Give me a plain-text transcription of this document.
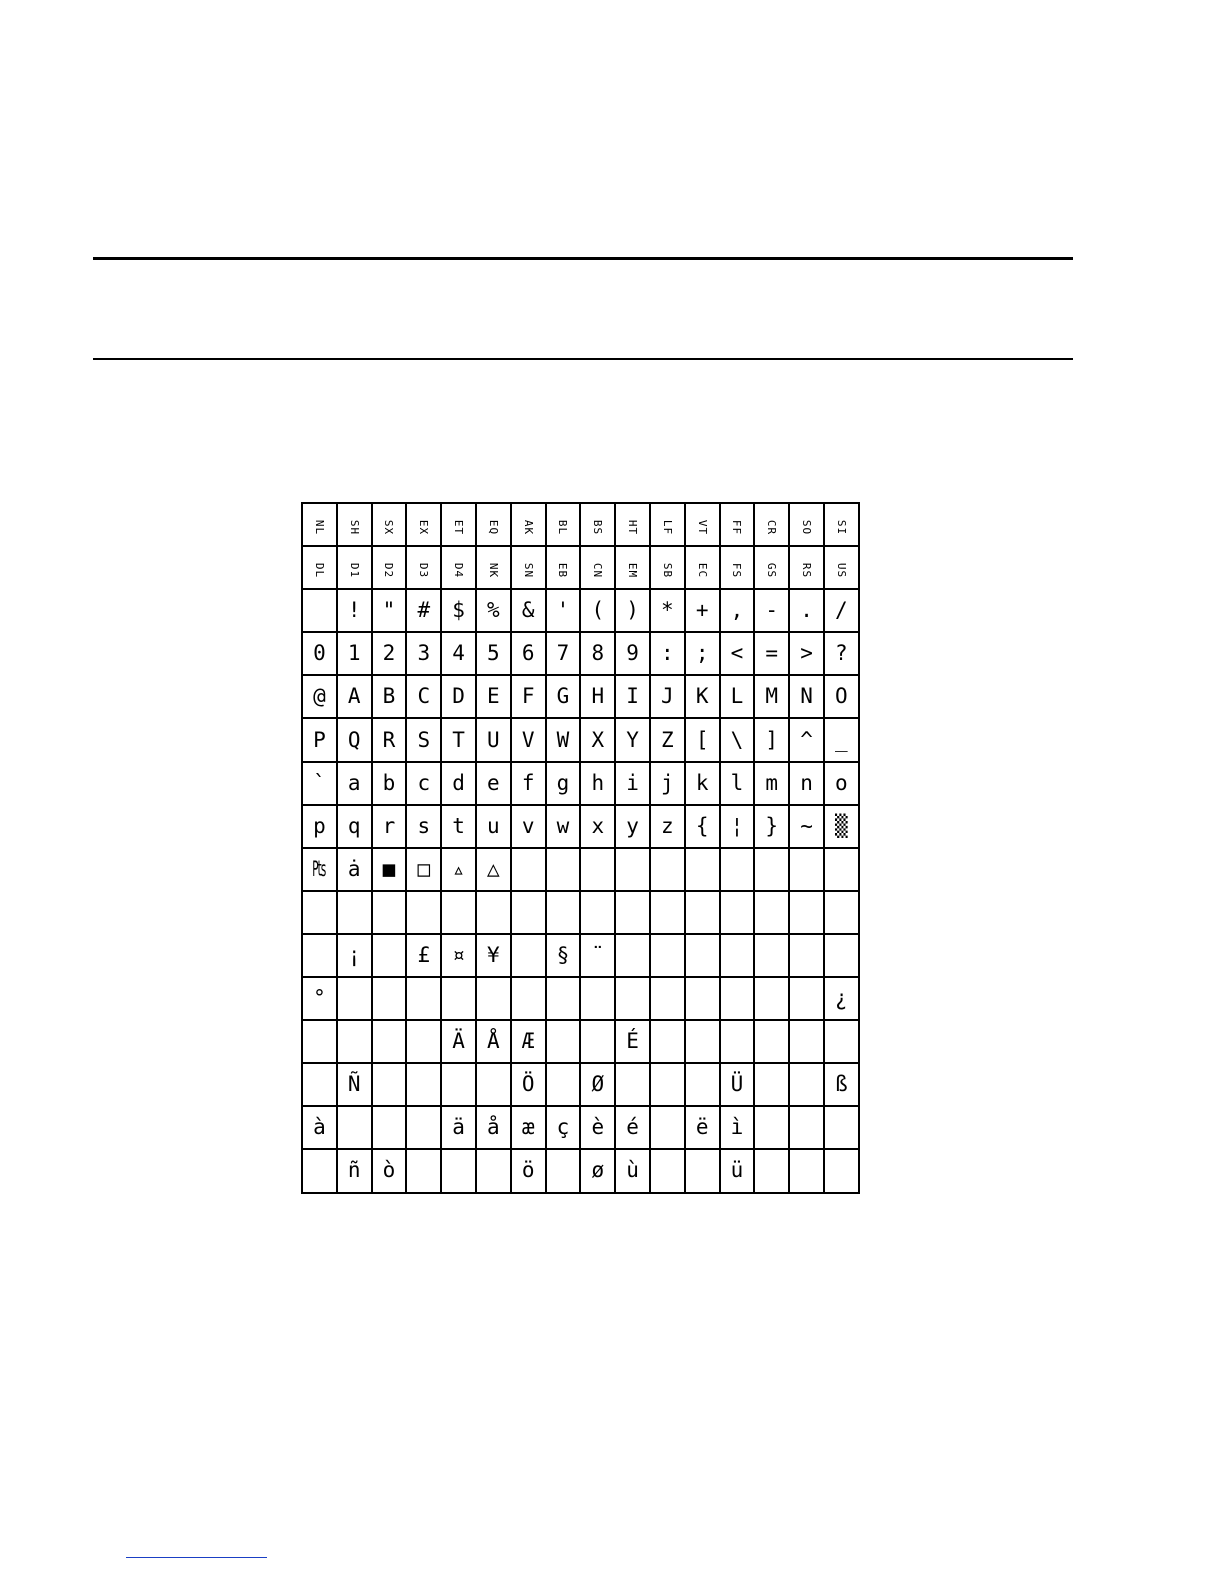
NL	SH	SX	EX	ET	EQ	AK	BL	BS	HT	LF	VT	FF	CR	SO	SI
DL	D1	D2	D3	D4	NK	SN	EB	CN	EM	SB	EC	FS	GS	RS	US
	!	"	#	$	%	&	'	(	)	*	+	,	-	.	/
0	1	2	3	4	5	6	7	8	9	:	;	<	=	>	?
@	A	B	C	D	E	F	G	H	I	J	K	L	M	N	O
P	Q	R	S	T	U	V	W	X	Y	Z	[	\	]	^	_
`	a	b	c	d	e	f	g	h	i	j	k	l	m	n	o
p	q	r	s	t	u	v	w	x	y	z	{	¦	}	~	▒
₧	ȧ	■	□	▵	△										

	¡		£	¤	¥		§	¨							
°															¿
				Ä	Å	Æ			É						
	Ñ					Ö		Ø				Ü			ß
à				ä	å	æ	ç	è	é		ë	ì			
	ñ	ò				ö		ø	ù			ü			
